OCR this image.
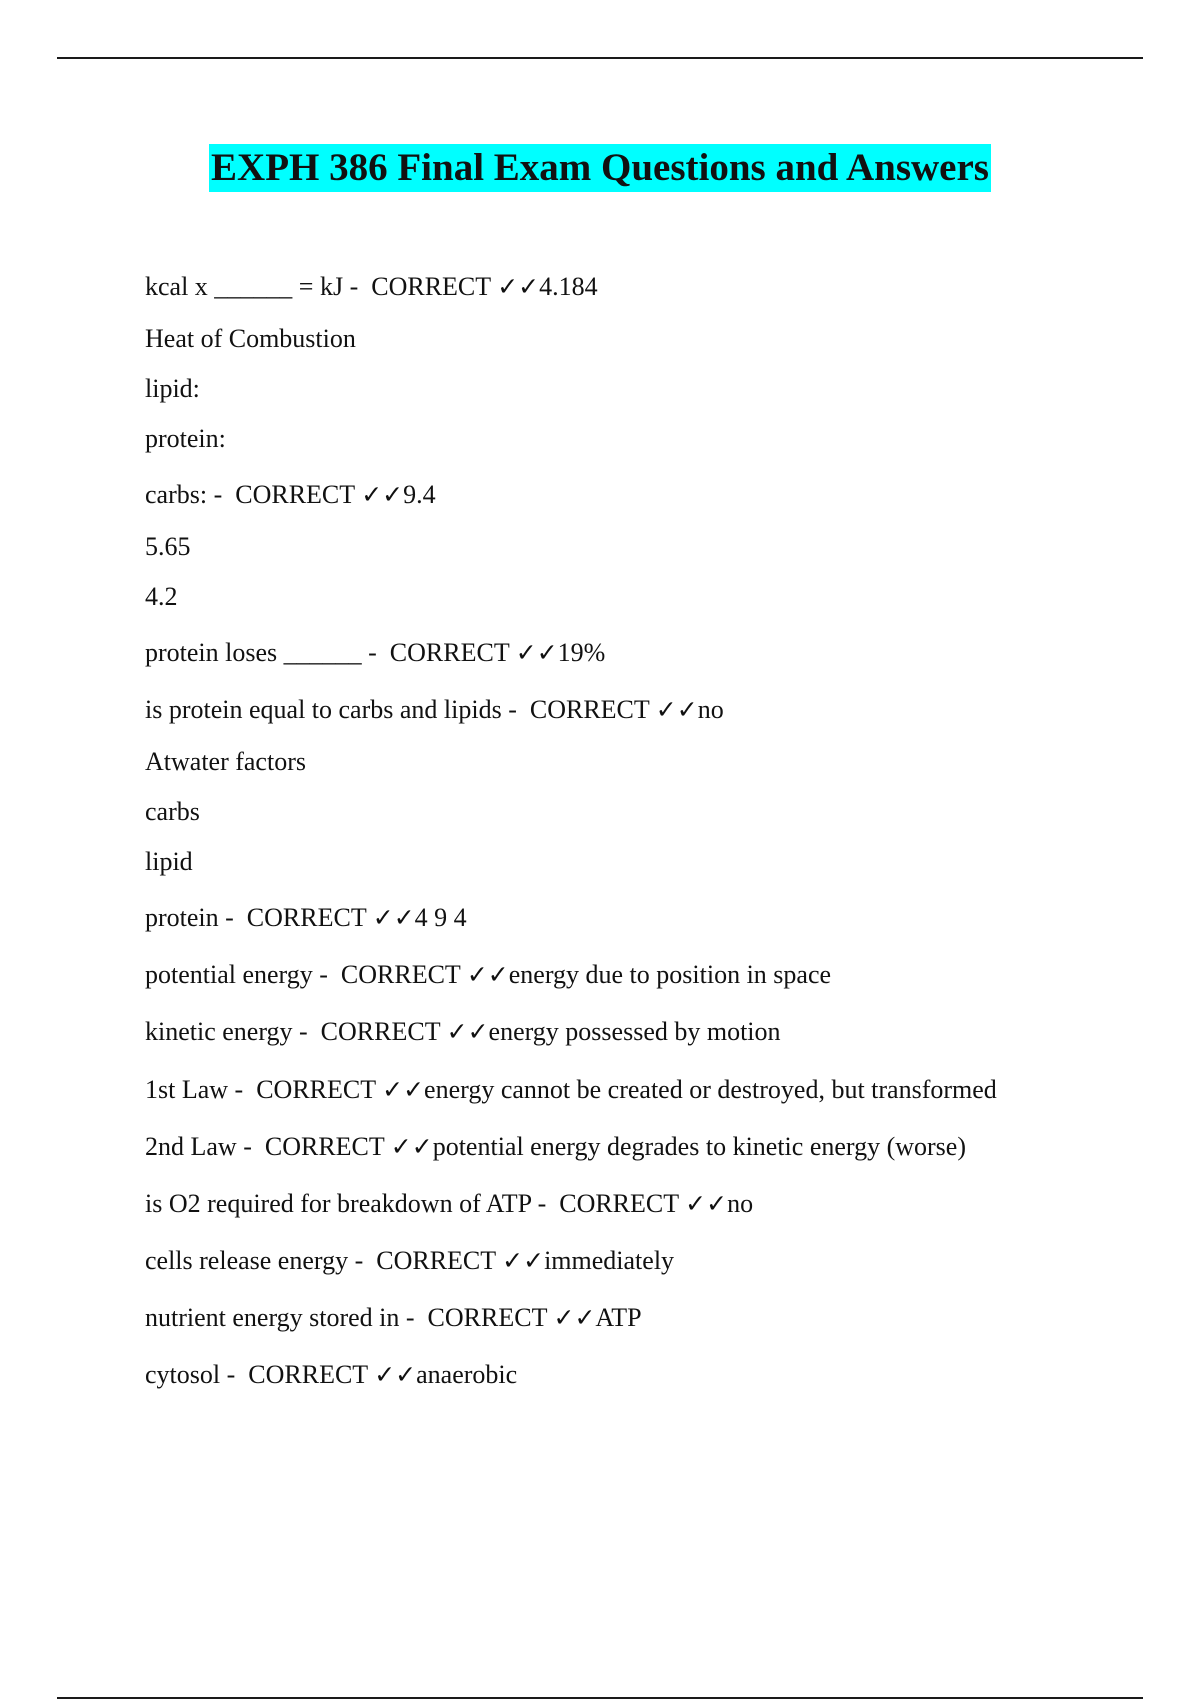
EXPH 386 Final Exam Questions and Answers
kcal x ______ = kJ -  CORRECT ✓✓4.184
Heat of Combustion
lipid:
protein:
carbs: -  CORRECT ✓✓9.4
5.65
4.2
protein loses ______ -  CORRECT ✓✓19%
is protein equal to carbs and lipids -  CORRECT ✓✓no
Atwater factors
carbs
lipid
protein -  CORRECT ✓✓4 9 4
potential energy -  CORRECT ✓✓energy due to position in space
kinetic energy -  CORRECT ✓✓energy possessed by motion
1st Law -  CORRECT ✓✓energy cannot be created or destroyed, but transformed
2nd Law -  CORRECT ✓✓potential energy degrades to kinetic energy (worse)
is O2 required for breakdown of ATP -  CORRECT ✓✓no
cells release energy -  CORRECT ✓✓immediately
nutrient energy stored in -  CORRECT ✓✓ATP
cytosol -  CORRECT ✓✓anaerobic
